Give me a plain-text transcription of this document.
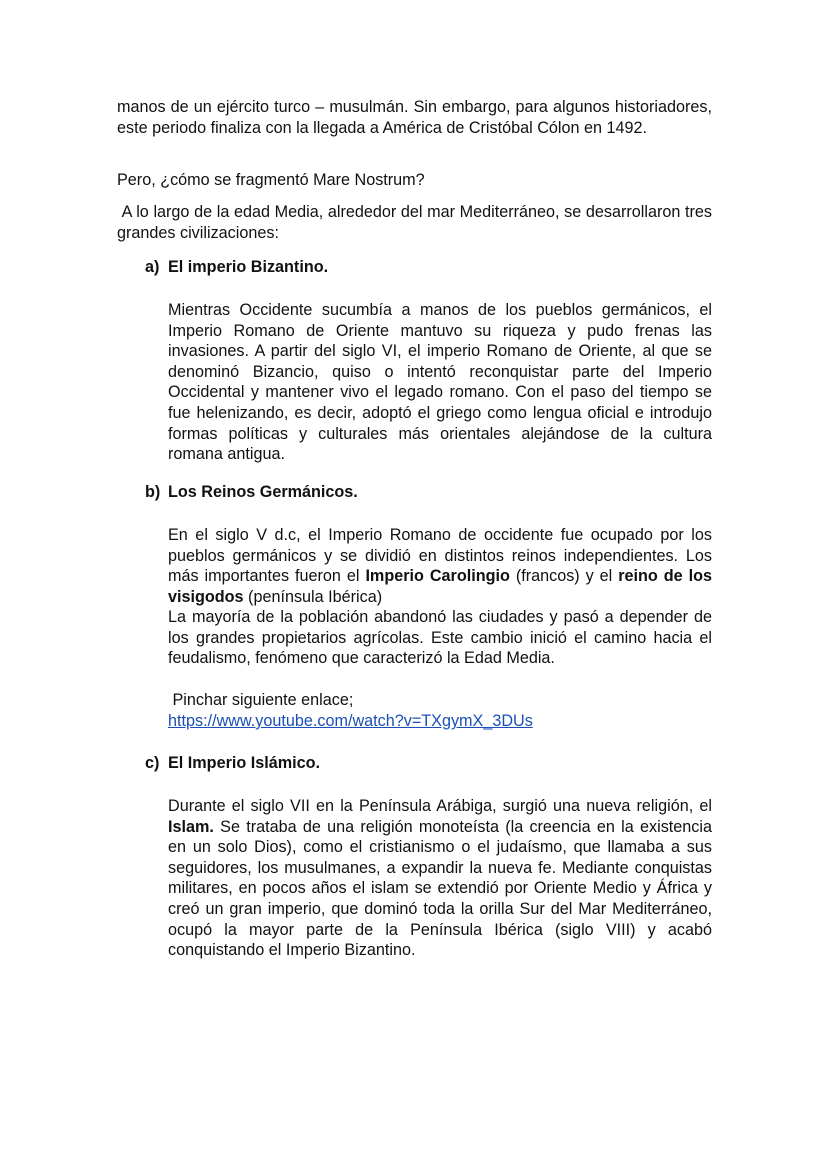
manos de un ejército turco – musulmán. Sin embargo, para algunos historiadores, este periodo finaliza con la llegada a América de Cristóbal Cólon en 1492.

Pero, ¿cómo se fragmentó Mare Nostrum?

A lo largo de la edad Media, alrededor del mar Mediterráneo, se desarrollaron tres grandes civilizaciones:

a) El imperio Bizantino.

Mientras Occidente sucumbía a manos de los pueblos germánicos, el Imperio Romano de Oriente mantuvo su riqueza y pudo frenas las invasiones. A partir del siglo VI, el imperio Romano de Oriente, al que se denominó Bizancio, quiso o intentó reconquistar parte del Imperio Occidental y mantener vivo el legado romano. Con el paso del tiempo se fue helenizando, es decir, adoptó el griego como lengua oficial e introdujo formas políticas y culturales más orientales alejándose de la cultura romana antigua.

b) Los Reinos Germánicos.

En el siglo V d.c, el Imperio Romano de occidente fue ocupado por los pueblos germánicos y se dividió en distintos reinos independientes. Los más importantes fueron el Imperio Carolingio (francos) y el reino de los visigodos (península Ibérica)

La mayoría de la población abandonó las ciudades y pasó a depender de los grandes propietarios agrícolas. Este cambio inició el camino hacia el feudalismo, fenómeno que caracterizó la Edad Media.

Pinchar siguiente enlace;

https://www.youtube.com/watch?v=TXgymX_3DUs
c) El Imperio Islámico.

Durante el siglo VII en la Península Arábiga, surgió una nueva religión, el Islam. Se trataba de una religión monoteísta (la creencia en la existencia en un solo Dios), como el cristianismo o el judaísmo, que llamaba a sus seguidores, los musulmanes, a expandir la nueva fe. Mediante conquistas militares, en pocos años el islam se extendió por Oriente Medio y África y creó un gran imperio, que dominó toda la orilla Sur del Mar Mediterráneo, ocupó la mayor parte de la Península Ibérica (siglo VIII) y acabó conquistando el Imperio Bizantino.
